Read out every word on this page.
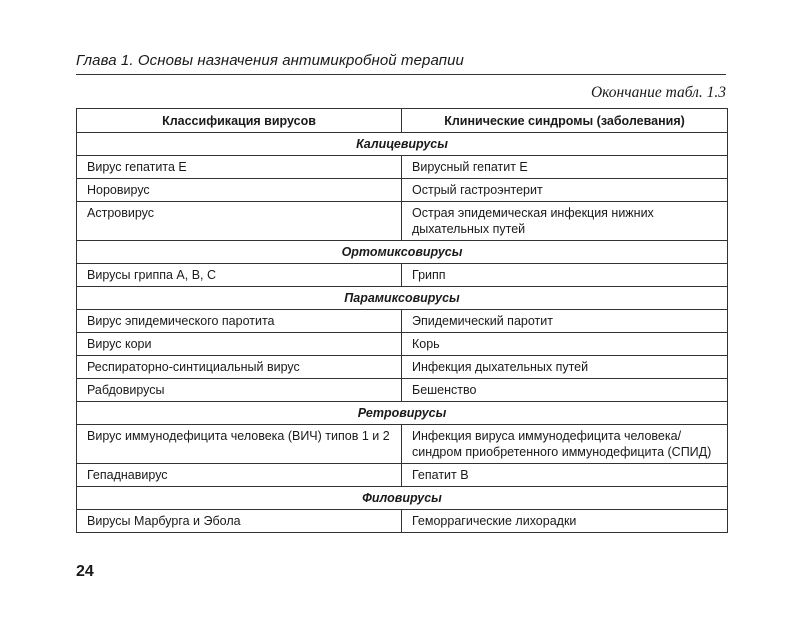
Глава 1. Основы назначения антимикробной терапии
Окончание табл. 1.3
Классификация вирусов	Клинические синдромы (заболевания)
Калицевирусы	
Вирус гепатита Е	Вирусный гепатит Е
Норовирус	Острый гастроэнтерит
Астровирус	Острая эпидемическая инфекция нижних дыхательных путей
Ортомиксовирусы	
Вирусы гриппа А, В, С	Грипп
Парамиксовирусы	
Вирус эпидемического паротита	Эпидемический паротит
Вирус кори	Корь
Респираторно-синтициальный вирус	Инфекция дыхательных путей
Рабдовирусы	Бешенство
Ретровирусы	
Вирус иммунодефицита человека (ВИЧ) типов 1 и 2	Инфекция вируса иммунодефицита человека/ синдром приобретенного иммунодефицита (СПИД)
Гепаднавирус	Гепатит В
Филовирусы	
Вирусы Марбурга и Эбола	Геморрагические лихорадки
24
